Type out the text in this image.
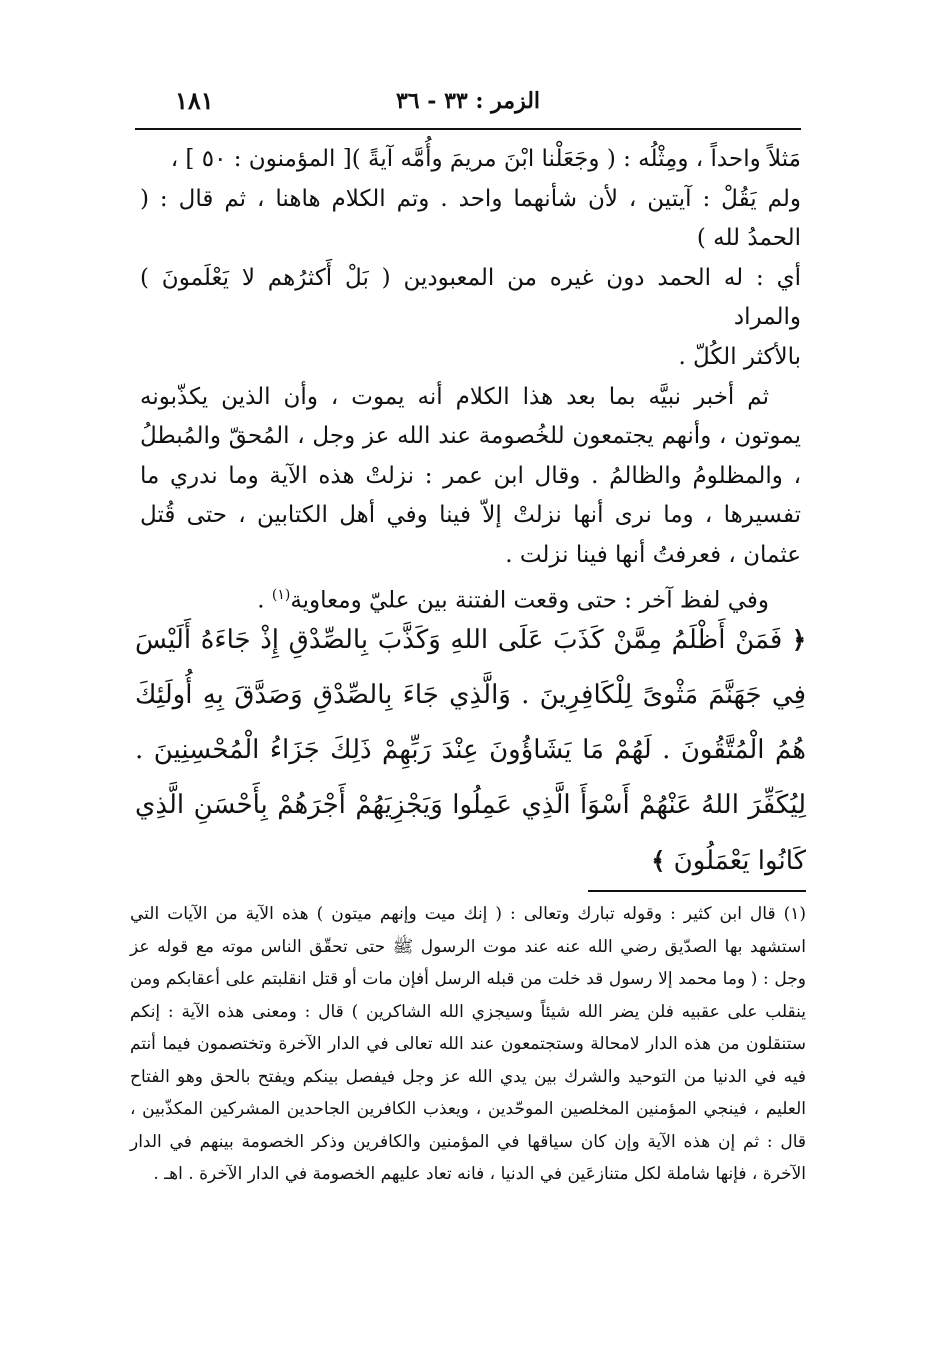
١٨١	الزمر : ٣٣ - ٣٦

مَثلاً واحداً ، ومِثْلُه : ( وجَعَلْنا ابْنَ مريمَ وأُمَّه آيةً )[ المؤمنون : ٥٠ ] ،

ولم يَقُلْ : آيتين ، لأن شأنهما واحد . وتم الكلام هاهنا ، ثم قال : ( الحمدُ لله )

أي : له الحمد دون غيره من المعبودين ( بَلْ أَكثرُهم لا يَعْلَمونَ ) والمراد

بالأكثر الكُلّ .

ثم أخبر نبيَّه بما بعد هذا الكلام أنه يموت ، وأن الذين يكذّبونه يموتون ، وأنهم يجتمعون للخُصومة عند الله عز وجل ، المُحقّ والمُبطلُ ، والمظلومُ والظالمُ . وقال ابن عمر : نزلتْ هذه الآية وما ندري ما تفسيرها ، وما نرى أنها نزلتْ إلاّ فينا وفي أهل الكتابين ، حتى قُتل عثمان ، فعرفتُ أنها فينا نزلت .

وفي لفظ آخر : حتى وقعت الفتنة بين عليّ ومعاوية$^{(١)}$ .

﴿ فَمَنْ أَظْلَمُ مِمَّنْ كَذَبَ عَلَى اللهِ وَكَذَّبَ بِالصِّدْقِ إِذْ جَاءَهُ أَلَيْسَ فِي جَهَنَّمَ مَثْوىً لِلْكَافِرِينَ . وَالَّذِي جَاءَ بِالصِّدْقِ وَصَدَّقَ بِهِ أُولَئِكَ هُمُ الْمُتَّقُونَ . لَهُمْ مَا يَشَاؤُونَ عِنْدَ رَبِّهِمْ ذَلِكَ جَزَاءُ الْمُحْسِنِينَ . لِيُكَفِّرَ اللهُ عَنْهُمْ أَسْوَأَ الَّذِي عَمِلُوا وَيَجْزِيَهُمْ أَجْرَهُمْ بِأَحْسَنِ الَّذِي كَانُوا يَعْمَلُونَ ﴾

(١) قال ابن كثير : وقوله تبارك وتعالى : ( إنك ميت وإنهم ميتون ) هذه الآية من الآيات التي استشهد بها الصدّيق رضي الله عنه عند موت الرسول ﷺ حتى تحقّق الناس موته مع قوله عز وجل : ( وما محمد إلا رسول قد خلت من قبله الرسل أفإن مات أو قتل انقلبتم على أعقابكم ومن ينقلب على عقبيه فلن يضر الله شيئاً وسيجزي الله الشاكرين ) قال : ومعنى هذه الآية : إنكم ستنقلون من هذه الدار لامحالة وستجتمعون عند الله تعالى في الدار الآخرة وتختصمون فيما أنتم فيه في الدنيا من التوحيد والشرك بين يدي الله عز وجل فيفصل بينكم ويفتح بالحق وهو الفتاح العليم ، فينجي المؤمنين المخلصين الموحّدين ، ويعذب الكافرين الجاحدين المشركين المكذّبين ، قال : ثم إن هذه الآية وإن كان سياقها في المؤمنين والكافرين وذكر الخصومة بينهم في الدار الآخرة ، فإنها شاملة لكل متنازعَين في الدنيا ، فانه تعاد عليهم الخصومة في الدار الآخرة . اهـ .
